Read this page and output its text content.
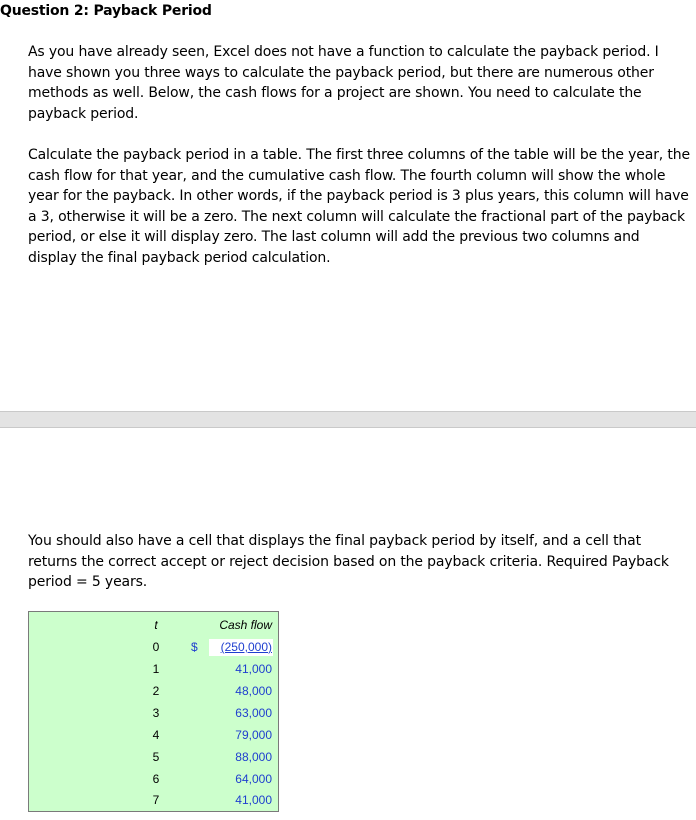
Question 2: Payback Period

As you have already seen, Excel does not have a function to calculate the payback period. I have shown you three ways to calculate the payback period, but there are numerous other methods as well. Below, the cash flows for a project are shown. You need to calculate the payback period.

Calculate the payback period in a table. The first three columns of the table will be the year, the cash flow for that year, and the cumulative cash flow. The fourth column will show the whole year for the payback. In other words, if the payback period is 3 plus years, this column will have a 3, otherwise it will be a zero. The next column will calculate the fractional part of the payback period, or else it will display zero. The last column will add the previous two columns and display the final payback period calculation.

You should also have a cell that displays the final payback period by itself, and a cell that returns the correct accept or reject decision based on the payback criteria. Required Payback period = 5 years.

t	Cash flow
0	$ (250,000)
1	41,000
2	48,000
3	63,000
4	79,000
5	88,000
6	64,000
7	41,000
